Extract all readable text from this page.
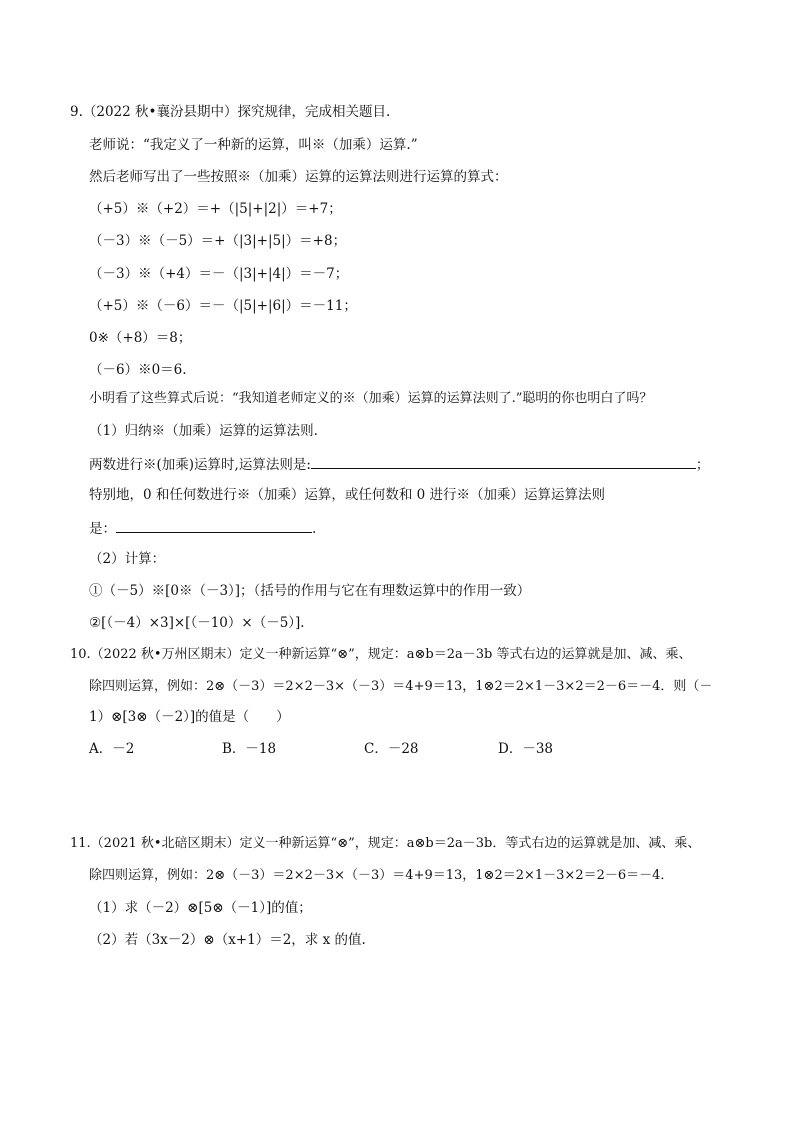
9.（2022 秋•襄汾县期中）探究规律，完成相关题目.
老师说：“我定义了一种新的运算，叫※（加乘）运算.”
然后老师写出了一些按照※（加乘）运算的运算法则进行运算的算式：
（+5）※（+2）＝+（|5|+|2|）＝+7；
（－3）※（－5）＝+（|3|+|5|）＝+8；
（－3）※（+4）＝－（|3|+|4|）＝－7；
（+5）※（－6）＝－（|5|+|6|）＝－11；
0※（+8）＝8；
（－6）※0＝6.
小明看了这些算式后说：“我知道老师定义的※（加乘）运算的运算法则了.”聪明的你也明白了吗？
（1）归纳※（加乘）运算的运算法则.
两数进行※(加乘)运算时,运算法则是:	；
特别地，0 和任何数进行※（加乘）运算，或任何数和 0 进行※（加乘）运算运算法则
是：	.
（2）计算：
①（－5）※[0※（－3）]；（括号的作用与它在有理数运算中的作用一致）
②[（－4）×3]×[（－10）×（－5）].
10.（2022 秋•万州区期末）定义一种新运算“⊗”，规定：a⊗b＝2a－3b 等式右边的运算就是加、减、乘、
除四则运算，例如：2⊗（－3）＝2×2－3×（－3）＝4+9＝13，1⊗2＝2×1－3×2＝2－6＝－4．则（－
1）⊗[3⊗（－2）]的值是（　　）
A．－2	B．－18	C．－28	D．－38
11.（2021 秋•北碚区期末）定义一种新运算“⊗”，规定：a⊗b＝2a－3b．等式右边的运算就是加、减、乘、
除四则运算，例如：2⊗（－3）＝2×2－3×（－3）＝4+9＝13，1⊗2＝2×1－3×2＝2－6＝－4．
（1）求（－2）⊗[5⊗（－1）]的值；
（2）若（3x－2）⊗（x+1）＝2，求 x 的值.
